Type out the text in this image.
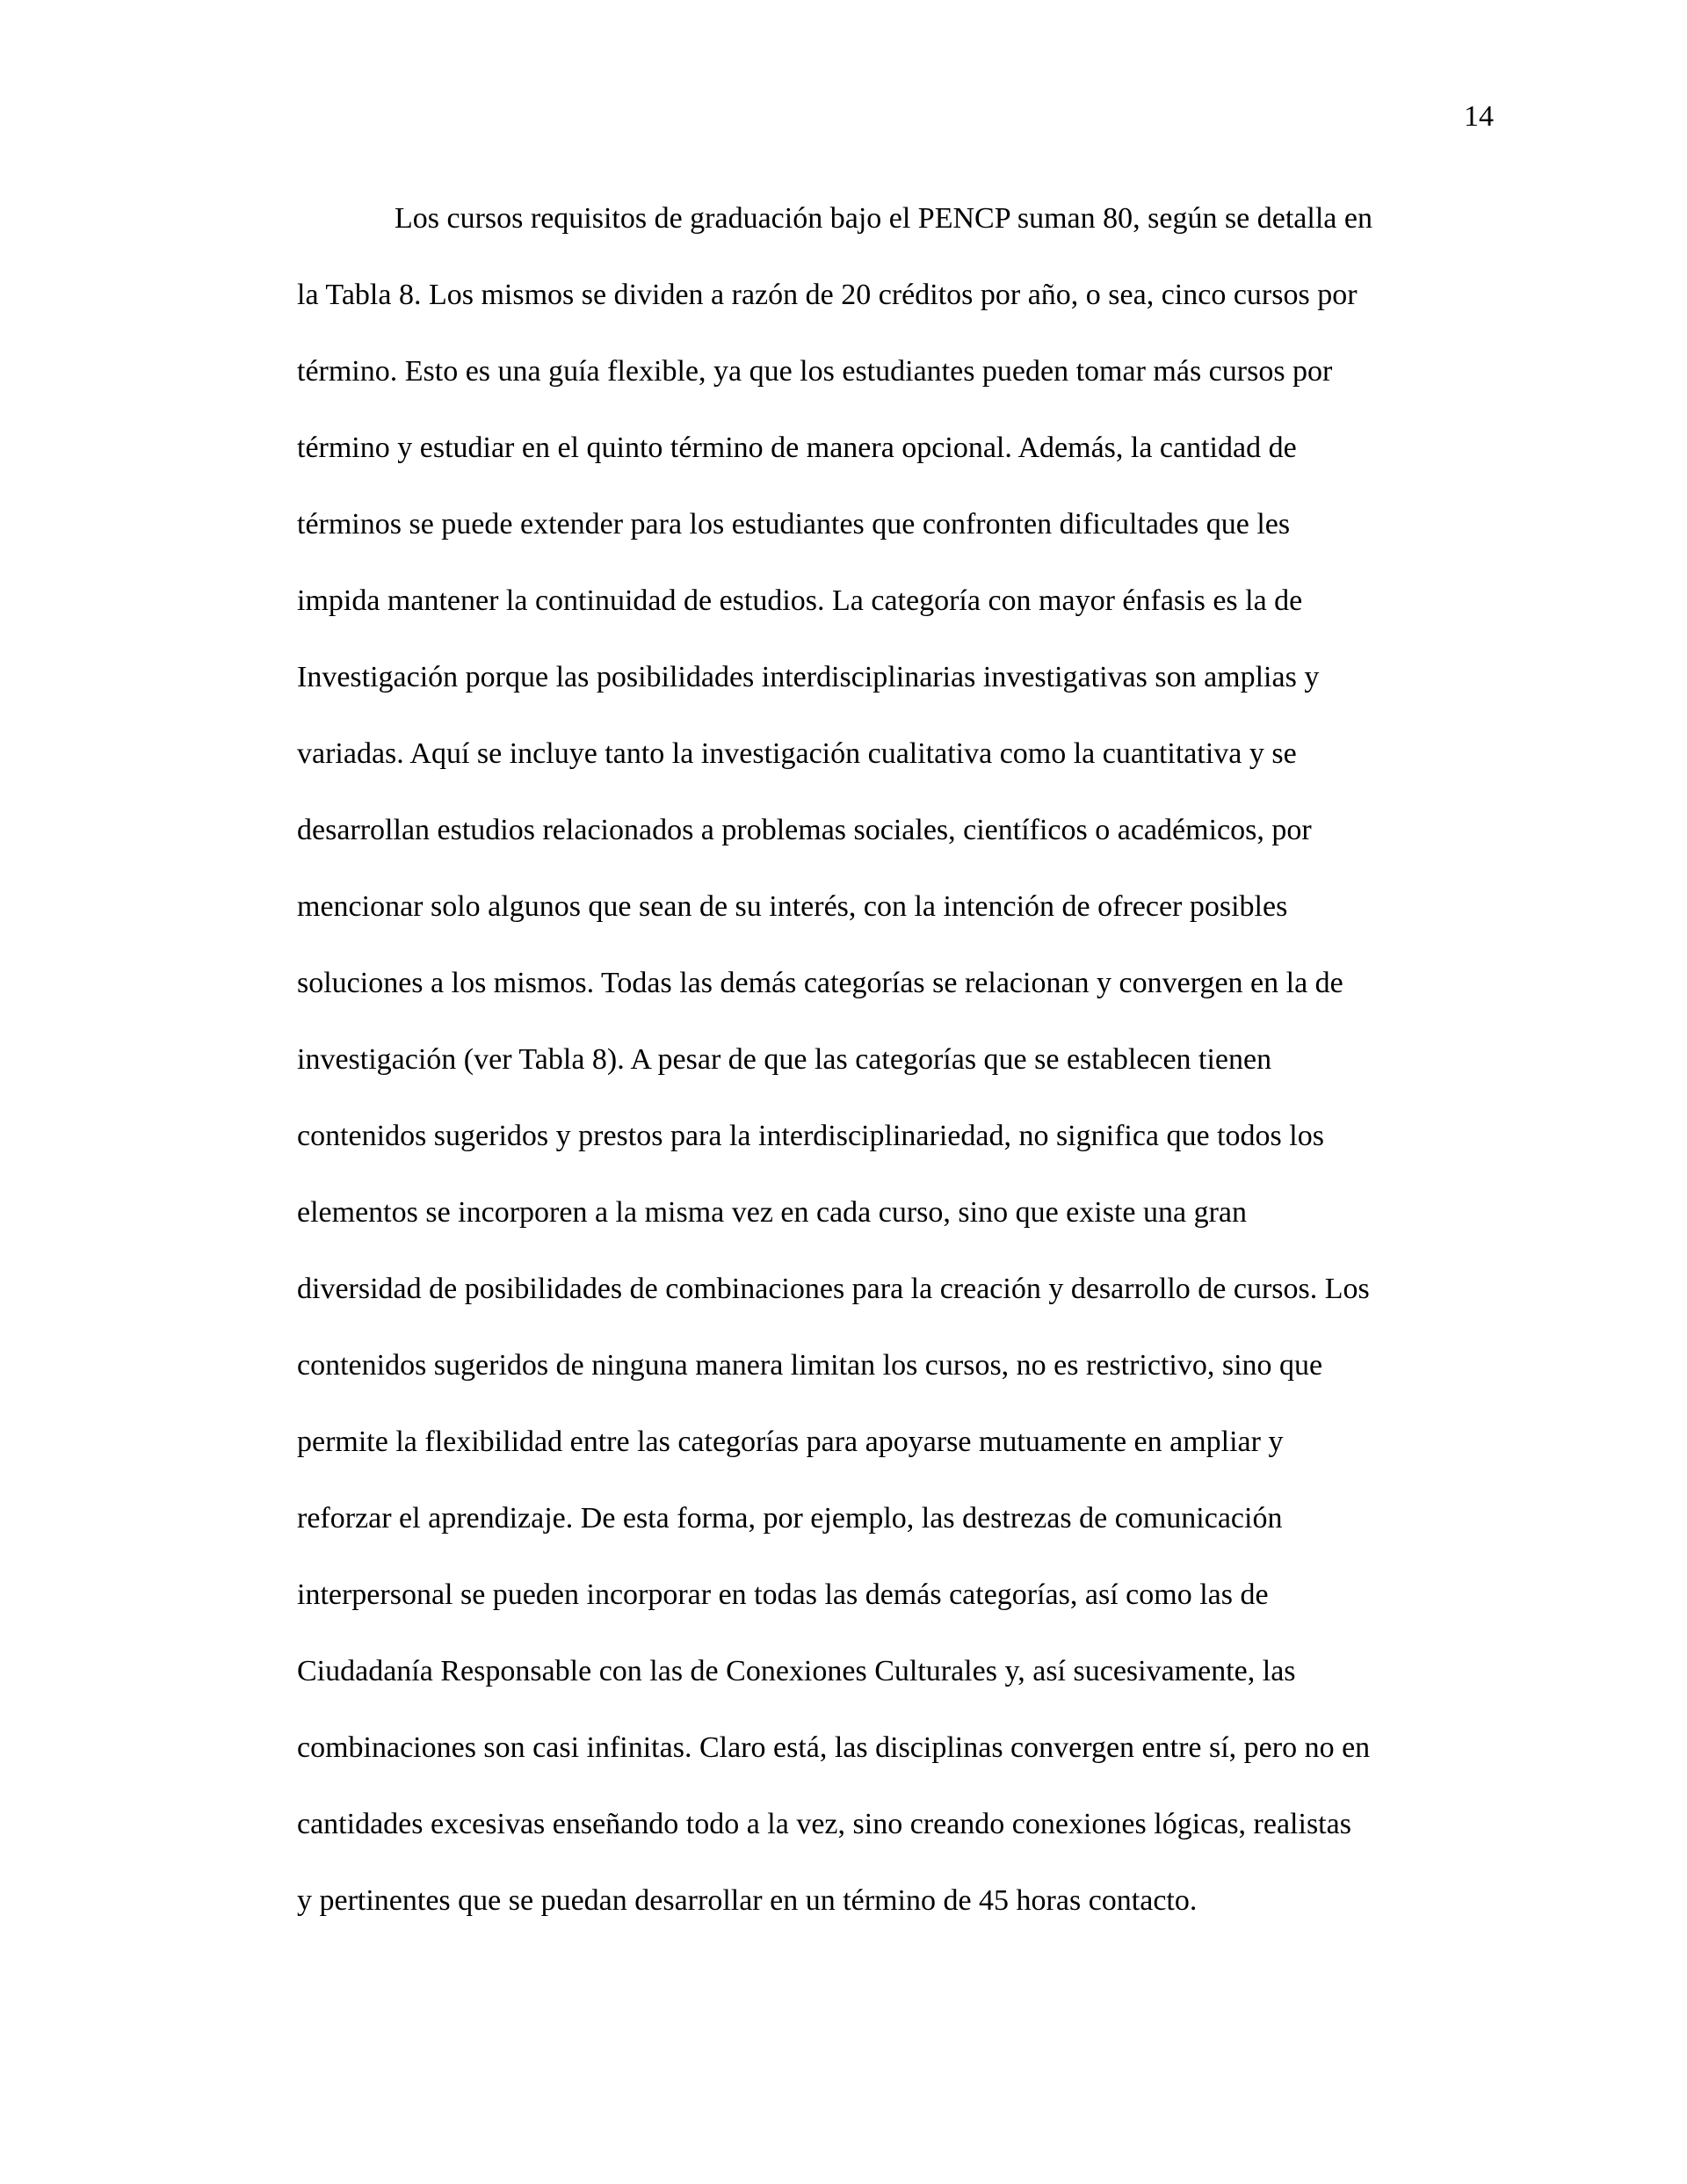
14
Los cursos requisitos de graduación bajo el PENCP suman 80, según se detalla en
la Tabla 8. Los mismos se dividen a razón de 20 créditos por año, o sea, cinco cursos por
término. Esto es una guía flexible, ya que los estudiantes pueden tomar más cursos por
término y estudiar en el quinto término de manera opcional. Además, la cantidad de
términos se puede extender para los estudiantes que confronten dificultades que les
impida mantener la continuidad de estudios. La categoría con mayor énfasis es la de
Investigación porque las posibilidades interdisciplinarias investigativas son amplias y
variadas. Aquí se incluye tanto la investigación cualitativa como la cuantitativa y se
desarrollan estudios relacionados a problemas sociales, científicos o académicos, por
mencionar solo algunos que sean de su interés, con la intención de ofrecer posibles
soluciones a los mismos. Todas las demás categorías se relacionan y convergen en la de
investigación (ver Tabla 8). A pesar de que las categorías que se establecen tienen
contenidos sugeridos y prestos para la interdisciplinariedad, no significa que todos los
elementos se incorporen a la misma vez en cada curso, sino que existe una gran
diversidad de posibilidades de combinaciones para la creación y desarrollo de cursos. Los
contenidos sugeridos de ninguna manera limitan los cursos, no es restrictivo, sino que
permite la flexibilidad entre las categorías para apoyarse mutuamente en ampliar y
reforzar el aprendizaje. De esta forma, por ejemplo, las destrezas de comunicación
interpersonal se pueden incorporar en todas las demás categorías, así como las de
Ciudadanía Responsable con las de Conexiones Culturales y, así sucesivamente, las
combinaciones son casi infinitas. Claro está, las disciplinas convergen entre sí, pero no en
cantidades excesivas enseñando todo a la vez, sino creando conexiones lógicas, realistas
y pertinentes que se puedan desarrollar en un término de 45 horas contacto.
